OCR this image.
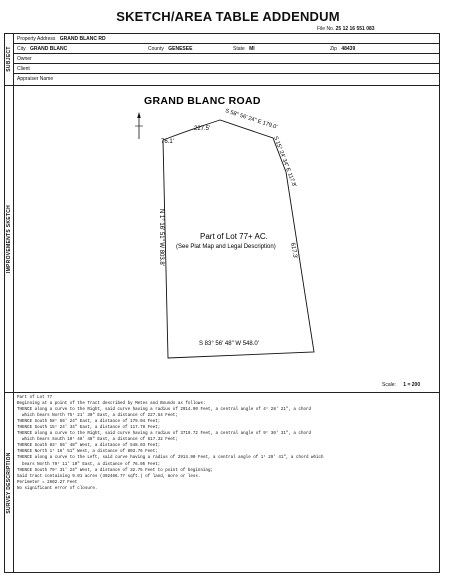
SKETCH/AREA TABLE ADDENDUM
File No. 25 12 16 551 083
SUBJECT
IMPROVEMENTS SKETCH
SURVEY DESCRIPTION
Property Address GRAND BLANC RD
City GRAND BLANC	County GENESEE	State MI	Zip 48439
Owner
Client
Appraiser Name
GRAND BLANC ROAD
76.1'
227.5'	S 58° 56' 24" E 179.0'
S 15° 24' 34" E 117.8'
617.3'
S 83° 56' 48" W 548.0'
N 1° 16' 51" W 803.8'	Part of Lot 77+ AC.
(See Plat Map and Legal Description)
Scale: 1 = 200
Part of Lot 77
Beginning at a point of the Tract described by Metes and Bounds as follows:
THENCE along a curve to the Right, said curve having a radius of 2914.90 Feet, a central angle of 4° 28' 21", a chord
which bears North 75° 21' 30" East, a distance of 227.54 Feet;
THENCE South 58° 56' 24" East, a distance of 179.04 Feet;
THENCE South 15° 24' 34" East, a distance of 117.78 Feet;
THENCE along a curve to the Right, said curve having a radius of 3719.72 Feet, a central angle of 9° 30' 31", a chord
which bears South 10° 48' 48" East, a distance of 617.32 Feet;
THENCE South 83° 56' 48" West, a distance of 548.03 Feet;
THENCE North 1° 16' 51" West, a distance of 803.76 Feet;
THENCE along a curve to the Left, said curve having a radius of 2914.90 Feet, a central angle of 1° 29' 41", a chord which
bears North 79° 11' 10" East, a distance of 76.05 Feet;
THENCE South 79° 31' 24" West, a distance of 32.75 Feet to point of beginning;
Said tract containing 9.01 acres (392466.77 sqft.) of land, more or less.
Perimeter = 2602.27 Feet
No significant error of closure.
